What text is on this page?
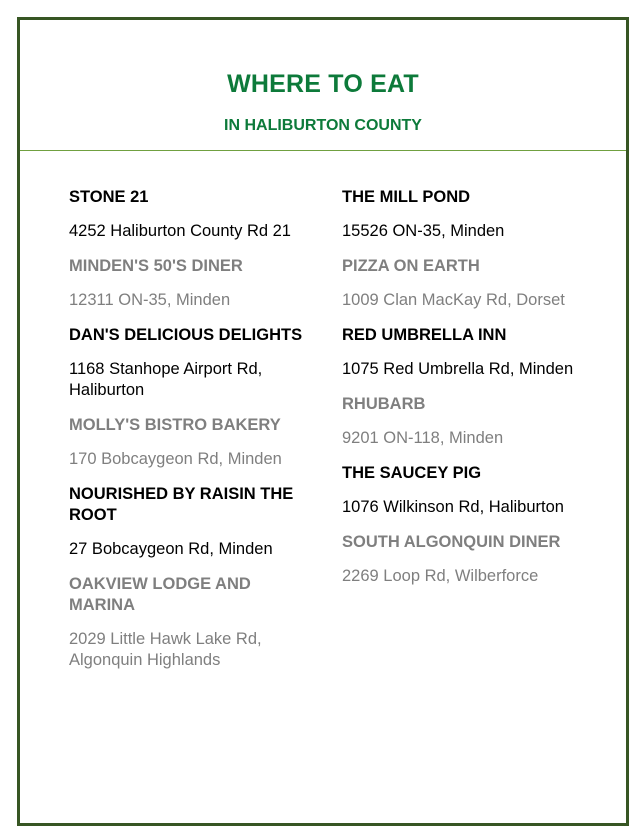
WHERE TO EAT
IN HALIBURTON COUNTY
STONE 21
4252 Haliburton County Rd 21
MINDEN'S 50'S DINER
12311 ON-35, Minden
DAN'S DELICIOUS DELIGHTS
1168 Stanhope Airport Rd, Haliburton
MOLLY'S BISTRO BAKERY
170 Bobcaygeon Rd, Minden
NOURISHED BY RAISIN THE ROOT
27 Bobcaygeon Rd, Minden
OAKVIEW LODGE AND MARINA
2029 Little Hawk Lake Rd, Algonquin Highlands
THE MILL POND
15526 ON-35, Minden
PIZZA ON EARTH
1009 Clan MacKay Rd, Dorset
RED UMBRELLA INN
1075 Red Umbrella Rd, Minden
RHUBARB
9201 ON-118, Minden
THE SAUCEY PIG
1076 Wilkinson Rd, Haliburton
SOUTH ALGONQUIN DINER
2269 Loop Rd, Wilberforce
